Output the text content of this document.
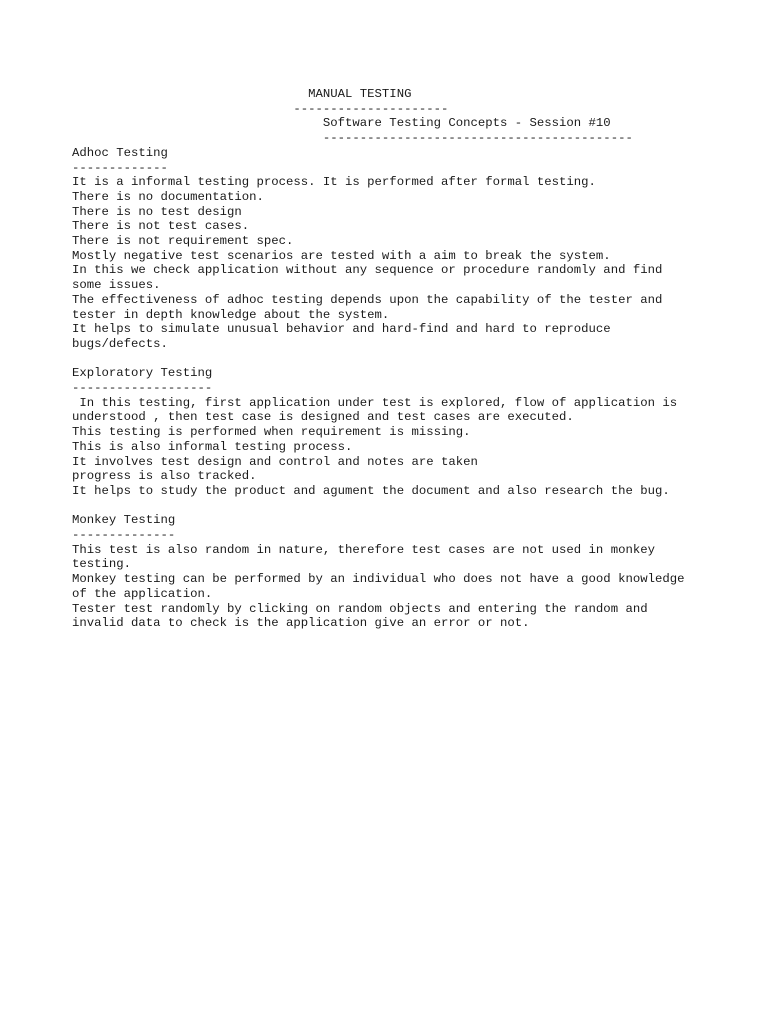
MANUAL TESTING
---------------------
Software Testing Concepts - Session #10
------------------------------------------
Adhoc Testing
-------------
It is a informal testing process. It is performed after formal testing.
There is no documentation.
There is no test design
There is not test cases.
There is not requirement spec.
Mostly negative test scenarios are tested with a aim to break the system.
In this we check application without any sequence or procedure randomly and find
some issues.
The effectiveness of adhoc testing depends upon the capability of the tester and
tester in depth knowledge about the system.
It helps to simulate unusual behavior and hard-find and hard to reproduce
bugs/defects.
Exploratory Testing
-------------------
In this testing, first application under test is explored, flow of application is
understood , then test case is designed and test cases are executed.
This testing is performed when requirement is missing.
This is also informal testing process.
It involves test design and control and notes are taken
progress is also tracked.
It helps to study the product and agument the document and also research the bug.
Monkey Testing
--------------
This test is also random in nature, therefore test cases are not used in monkey
testing.
Monkey testing can be performed by an individual who does not have a good knowledge
of the application.
Tester test randomly by clicking on random objects and entering the random and
invalid data to check is the application give an error or not.
